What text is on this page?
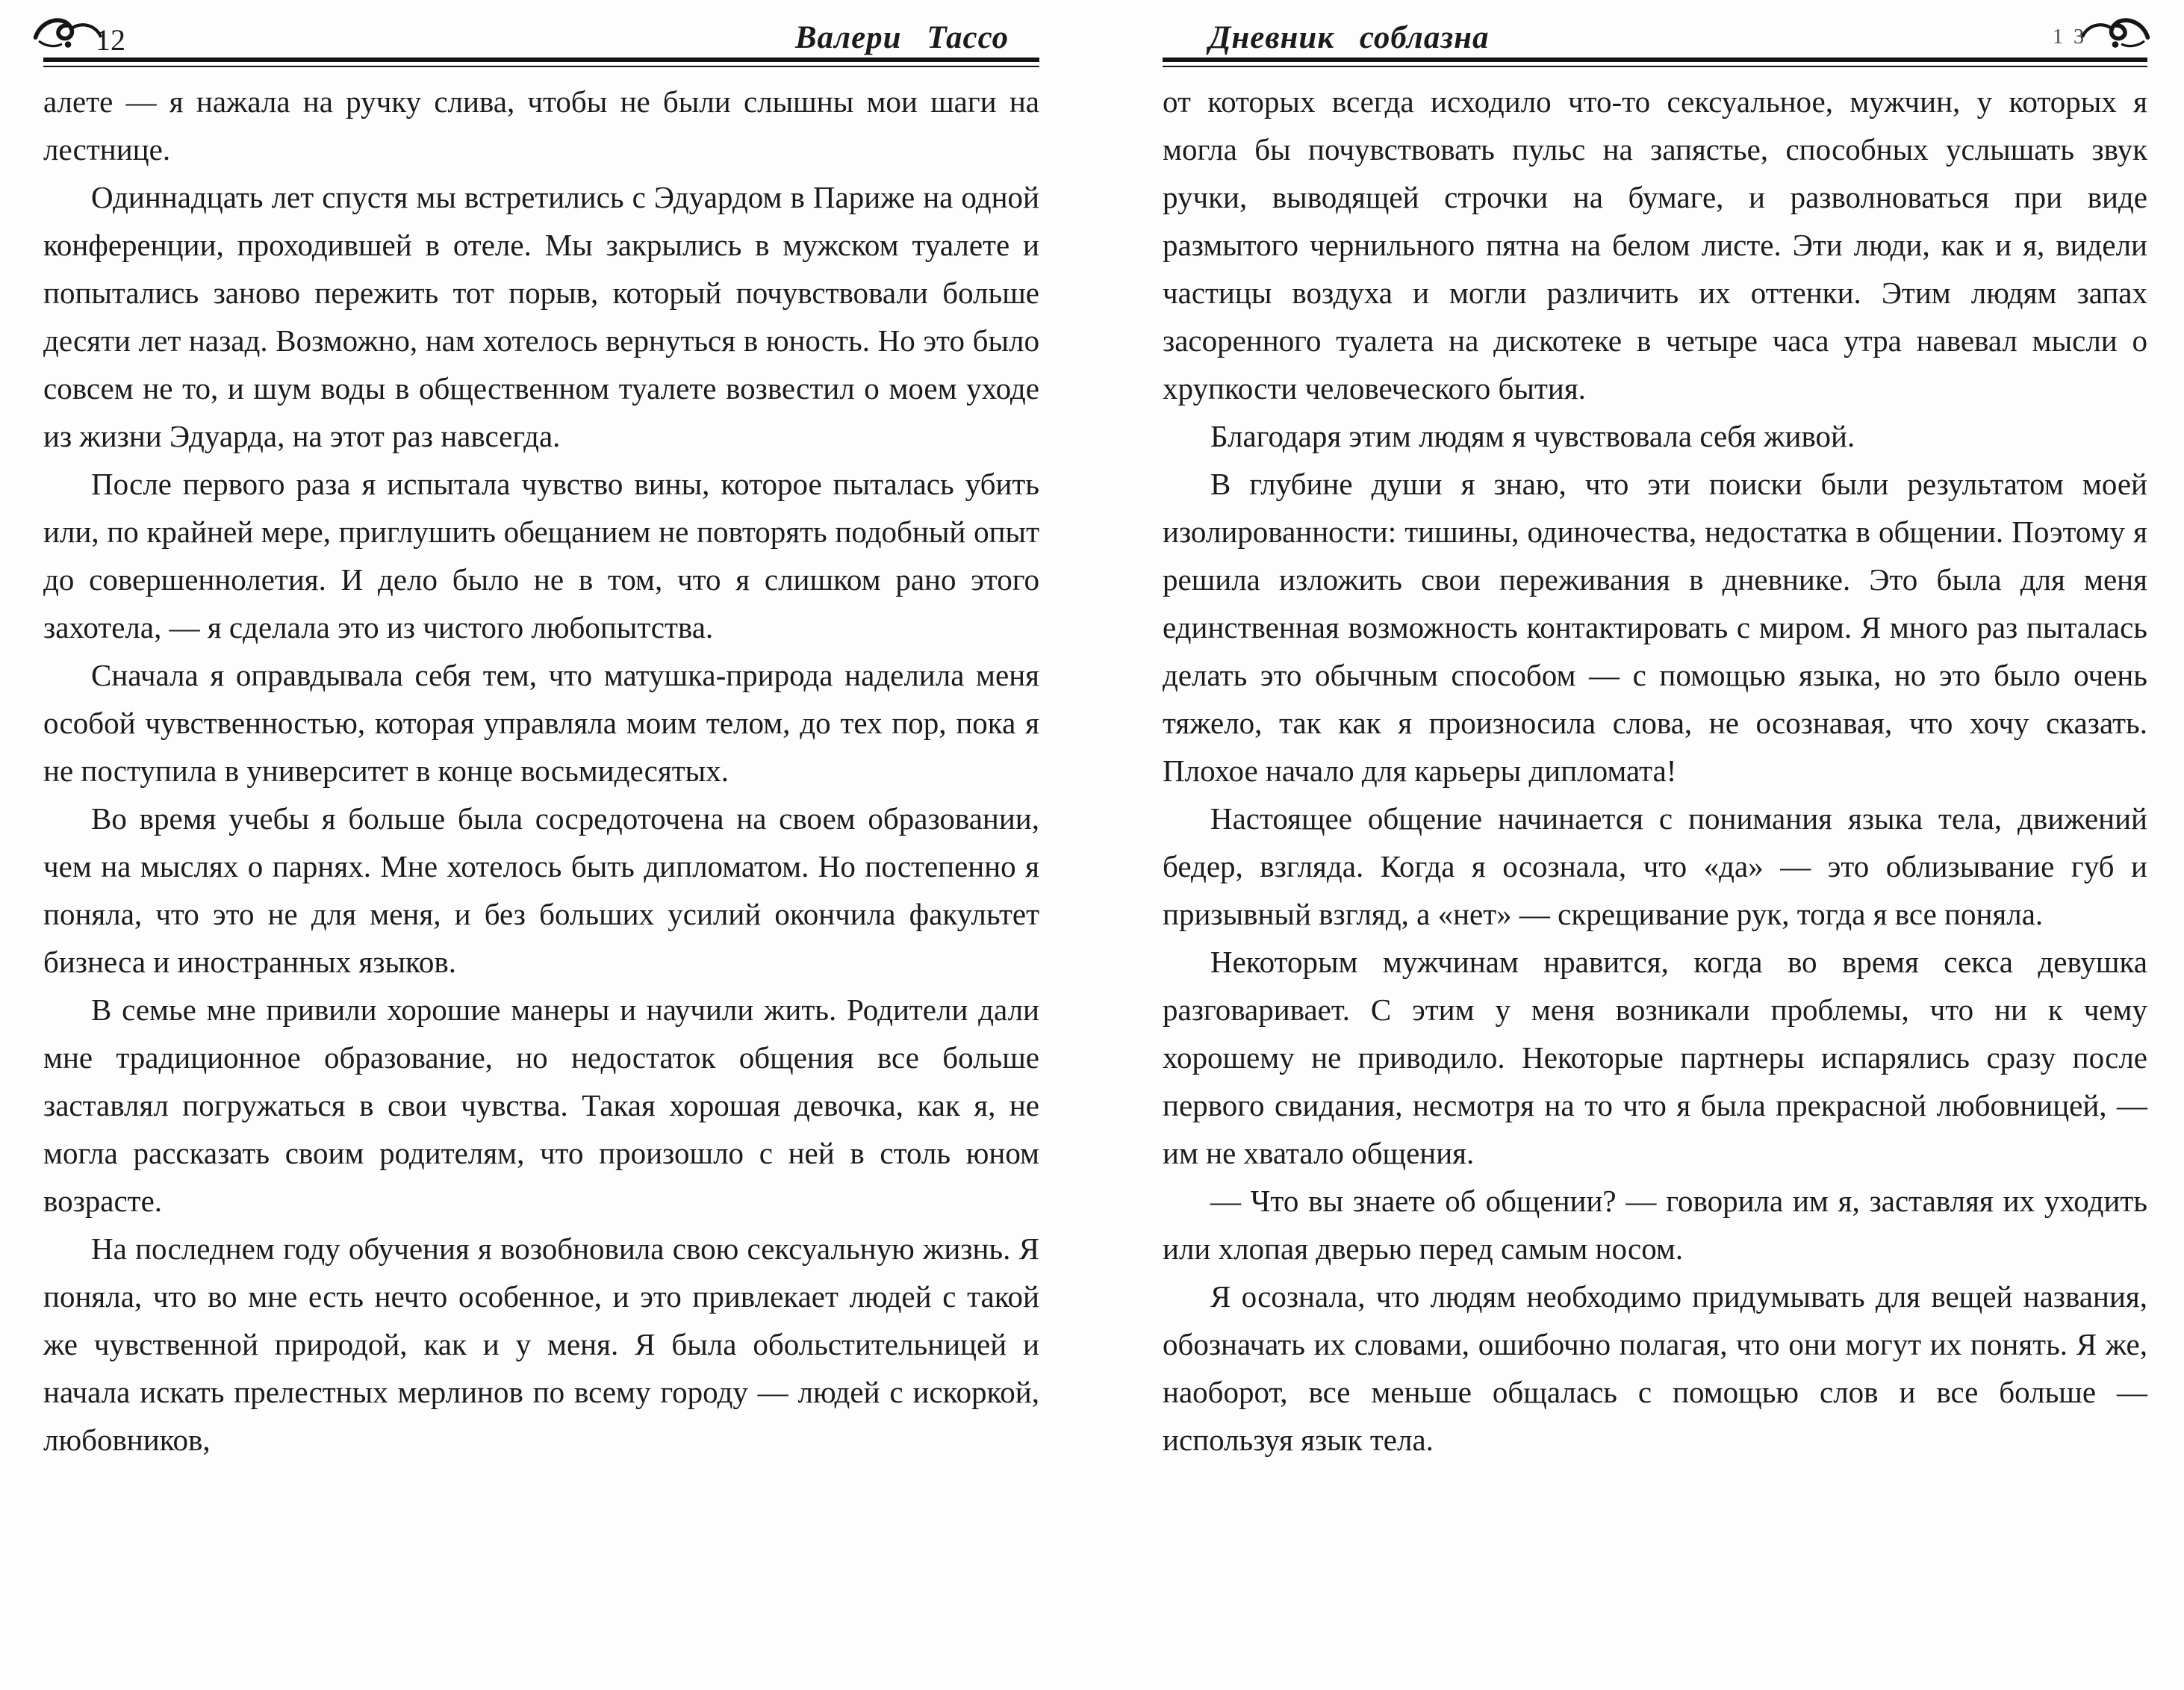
12	Валери Тассо

алете — я нажала на ручку слива, чтобы не были слышны мои шаги на лестнице.

Одиннадцать лет спустя мы встретились с Эдуардом в Париже на одной конференции, проходившей в отеле. Мы закрылись в мужском туалете и попытались заново пережить тот порыв, который почувствовали больше десяти лет назад. Возможно, нам хотелось вернуться в юность. Но это было совсем не то, и шум воды в общественном туалете возвестил о моем уходе из жизни Эдуарда, на этот раз навсегда.

После первого раза я испытала чувство вины, которое пыталась убить или, по крайней мере, приглушить обещанием не повторять подобный опыт до совершеннолетия. И дело было не в том, что я слишком рано этого захотела, — я сделала это из чистого любопытства.

Сначала я оправдывала себя тем, что матушка-природа наделила меня особой чувственностью, которая управляла моим телом, до тех пор, пока я не поступила в университет в конце восьмидесятых.

Во время учебы я больше была сосредоточена на своем образовании, чем на мыслях о парнях. Мне хотелось быть дипломатом. Но постепенно я поняла, что это не для меня, и без больших усилий окончила факультет бизнеса и иностранных языков.

В семье мне привили хорошие манеры и научили жить. Родители дали мне традиционное образование, но недостаток общения все больше заставлял погружаться в свои чувства. Такая хорошая девочка, как я, не могла рассказать своим родителям, что произошло с ней в столь юном возрасте.

На последнем году обучения я возобновила свою сексуальную жизнь. Я поняла, что во мне есть нечто особенное, и это привлекает людей с такой же чувственной природой, как и у меня. Я была обольстительницей и начала искать прелестных мерлинов по всему городу — людей с искоркой, любовников,

Дневник соблазна	13

от которых всегда исходило что-то сексуальное, мужчин, у которых я могла бы почувствовать пульс на запястье, способных услышать звук ручки, выводящей строчки на бумаге, и разволноваться при виде размытого чернильного пятна на белом листе. Эти люди, как и я, видели частицы воздуха и могли различить их оттенки. Этим людям запах засоренного туалета на дискотеке в четыре часа утра навевал мысли о хрупкости человеческого бытия.

Благодаря этим людям я чувствовала себя живой.

В глубине души я знаю, что эти поиски были результатом моей изолированности: тишины, одиночества, недостатка в общении. Поэтому я решила изложить свои переживания в дневнике. Это была для меня единственная возможность контактировать с миром. Я много раз пыталась делать это обычным способом — с помощью языка, но это было очень тяжело, так как я произносила слова, не осознавая, что хочу сказать. Плохое начало для карьеры дипломата!

Настоящее общение начинается с понимания языка тела, движений бедер, взгляда. Когда я осознала, что «да» — это облизывание губ и призывный взгляд, а «нет» — скрещивание рук, тогда я все поняла.

Некоторым мужчинам нравится, когда во время секса девушка разговаривает. С этим у меня возникали проблемы, что ни к чему хорошему не приводило. Некоторые партнеры испарялись сразу после первого свидания, несмотря на то что я была прекрасной любовницей, — им не хватало общения.

— Что вы знаете об общении? — говорила им я, заставляя их уходить или хлопая дверью перед самым носом.

Я осознала, что людям необходимо придумывать для вещей названия, обозначать их словами, ошибочно полагая, что они могут их понять. Я же, наоборот, все меньше общалась с помощью слов и все больше — используя язык тела.
